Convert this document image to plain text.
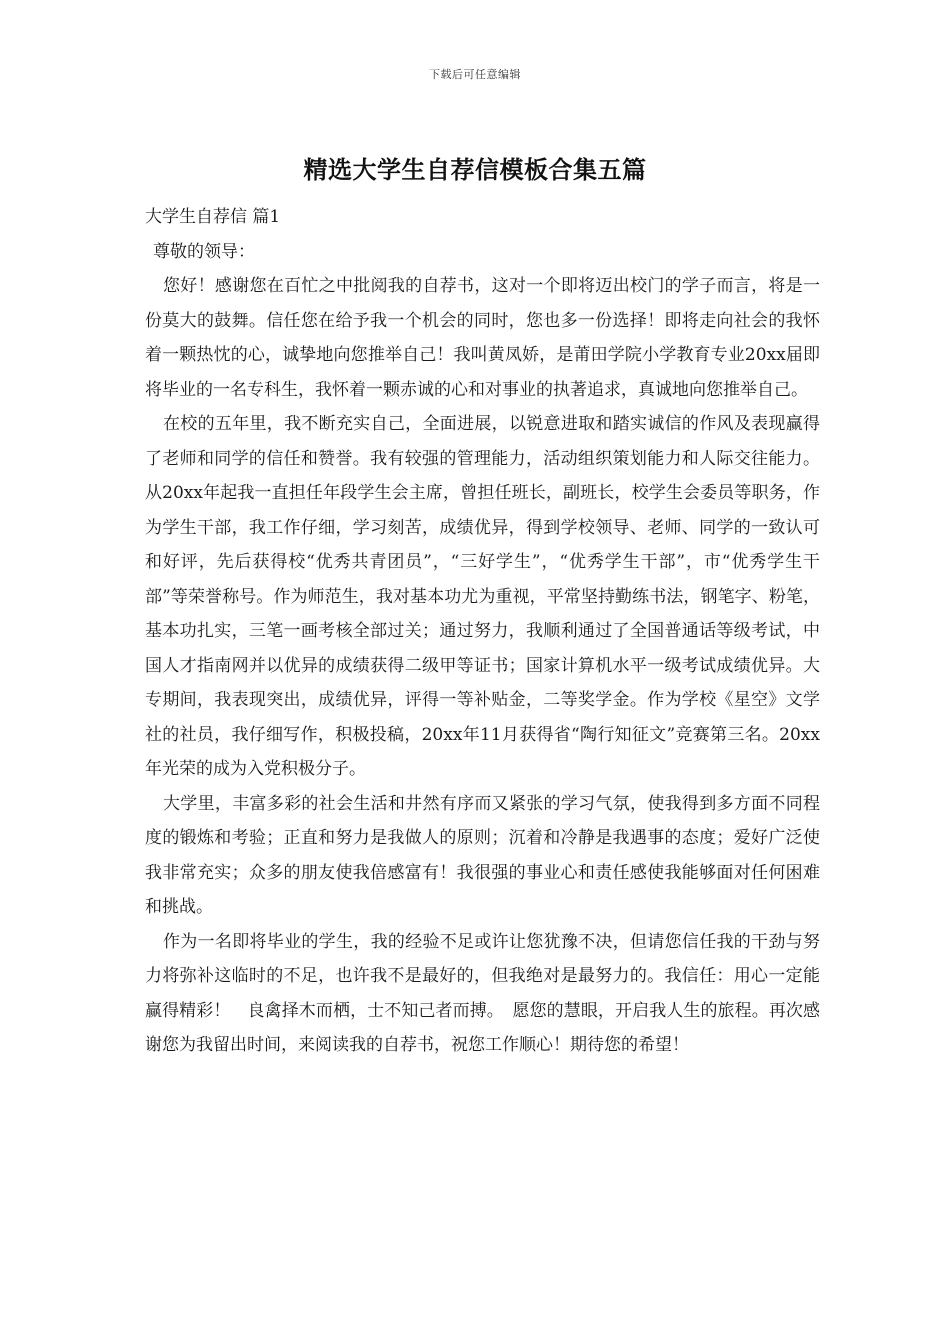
下载后可任意编辑
精选大学生自荐信模板合集五篇

大学生自荐信 篇1

尊敬的领导：

您好！感谢您在百忙之中批阅我的自荐书，这对一个即将迈出校门的学子而言，将是一份莫大的鼓舞。信任您在给予我一个机会的同时，您也多一份选择！即将走向社会的我怀着一颗热忱的心，诚挚地向您推举自己！我叫黄凤娇，是莆田学院小学教育专业20xx届即将毕业的一名专科生，我怀着一颗赤诚的心和对事业的执著追求，真诚地向您推举自己。

在校的五年里，我不断充实自己，全面进展，以锐意进取和踏实诚信的作风及表现赢得了老师和同学的信任和赞誉。我有较强的管理能力，活动组织策划能力和人际交往能力。从20xx年起我一直担任年段学生会主席，曾担任班长，副班长，校学生会委员等职务，作为学生干部，我工作仔细，学习刻苦，成绩优异，得到学校领导、老师、同学的一致认可和好评，先后获得校“优秀共青团员”，“三好学生”，“优秀学生干部”，市“优秀学生干部”等荣誉称号。作为师范生，我对基本功尤为重视，平常坚持勤练书法，钢笔字、粉笔，基本功扎实，三笔一画考核全部过关；通过努力，我顺利通过了全国普通话等级考试，中国人才指南网并以优异的成绩获得二级甲等证书；国家计算机水平一级考试成绩优异。大专期间，我表现突出，成绩优异，评得一等补贴金，二等奖学金。作为学校《星空》文学社的社员，我仔细写作，积极投稿，20xx年11月获得省“陶行知征文”竞赛第三名。20xx年光荣的成为入党积极分子。

大学里，丰富多彩的社会生活和井然有序而又紧张的学习气氛，使我得到多方面不同程度的锻炼和考验；正直和努力是我做人的原则；沉着和冷静是我遇事的态度；爱好广泛使我非常充实；众多的朋友使我倍感富有！我很强的事业心和责任感使我能够面对任何困难和挑战。

作为一名即将毕业的学生，我的经验不足或许让您犹豫不决，但请您信任我的干劲与努力将弥补这临时的不足，也许我不是最好的，但我绝对是最努力的。我信任：用心一定能赢得精彩！　良禽择木而栖，士不知己者而搏。　愿您的慧眼，开启我人生的旅程。再次感谢您为我留出时间，来阅读我的自荐书，祝您工作顺心！期待您的希望！
